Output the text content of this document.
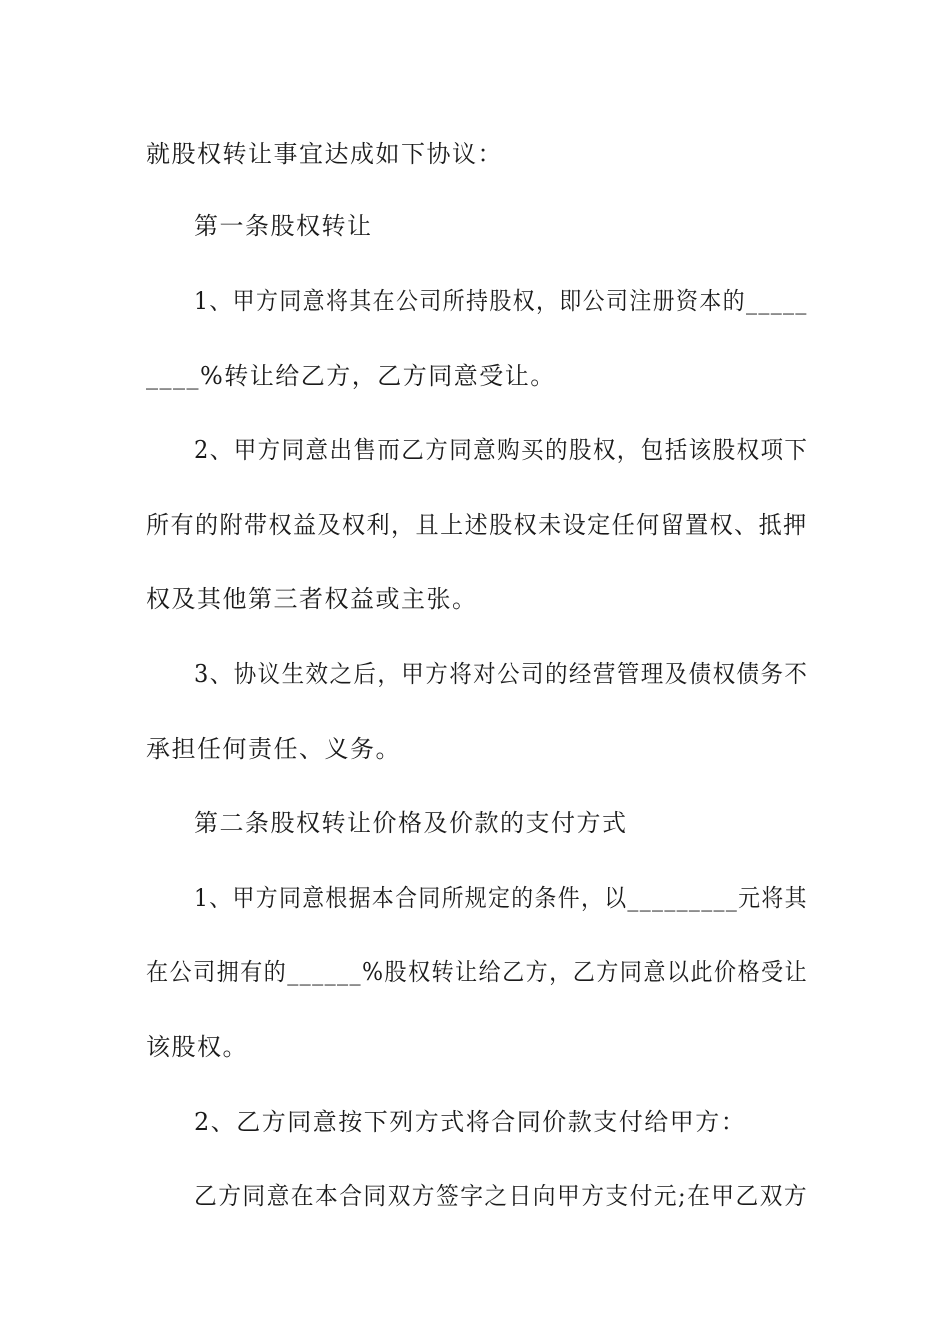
就股权转让事宜达成如下协议：
第一条股权转让
1、甲方同意将其在公司所持股权，即公司注册资本的_____
____%转让给乙方，乙方同意受让。
2、甲方同意出售而乙方同意购买的股权，包括该股权项下
所有的附带权益及权利，且上述股权未设定任何留置权、抵押
权及其他第三者权益或主张。
3、协议生效之后，甲方将对公司的经营管理及债权债务不
承担任何责任、义务。
第二条股权转让价格及价款的支付方式
1、甲方同意根据本合同所规定的条件，以_________元将其
在公司拥有的______%股权转让给乙方，乙方同意以此价格受让
该股权。
2、乙方同意按下列方式将合同价款支付给甲方：
乙方同意在本合同双方签字之日向甲方支付元;在甲乙双方
